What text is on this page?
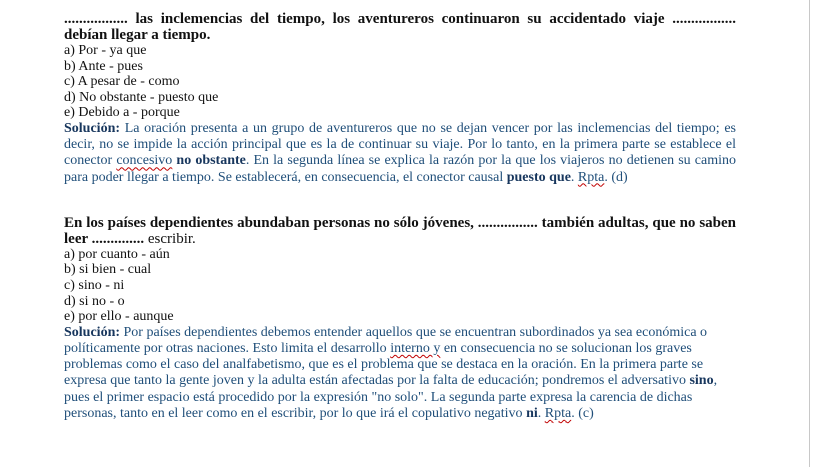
................. las inclemencias del tiempo, los aventureros continuaron su accidentado viaje ................. debían llegar a tiempo.

a) Por - ya que

b) Ante - pues

c) A pesar de - como

d) No obstante - puesto que

e) Debido a - porque

Solución: La oración presenta a un grupo de aventureros que no se dejan vencer por las inclemencias del tiempo; es decir, no se impide la acción principal que es la de continuar su viaje. Por lo tanto, en la primera parte se establece el conector concesivo no obstante. En la segunda línea se explica la razón por la que los viajeros no detienen su camino para poder llegar a tiempo. Se establecerá, en consecuencia, el conector causal puesto que. Rpta. (d)

En los países dependientes abundaban personas no sólo jóvenes, ................ también adultas, que no saben leer .............. escribir.

a) por cuanto - aún

b) si bien - cual

c) sino - ni

d) si no - o

e) por ello - aunque

Solución: Por países dependientes debemos entender aquellos que se encuentran subordinados ya sea económica o políticamente por otras naciones. Esto limita el desarrollo interno y en consecuencia no se solucionan los graves problemas como el caso del analfabetismo, que es el problema que se destaca en la oración. En la primera parte se expresa que tanto la gente joven y la adulta están afectadas por la falta de educación; pondremos el adversativo sino, pues el primer espacio está procedido por la expresión "no solo". La segunda parte expresa la carencia de dichas personas, tanto en el leer como en el escribir, por lo que irá el copulativo negativo ni. Rpta. (c)
